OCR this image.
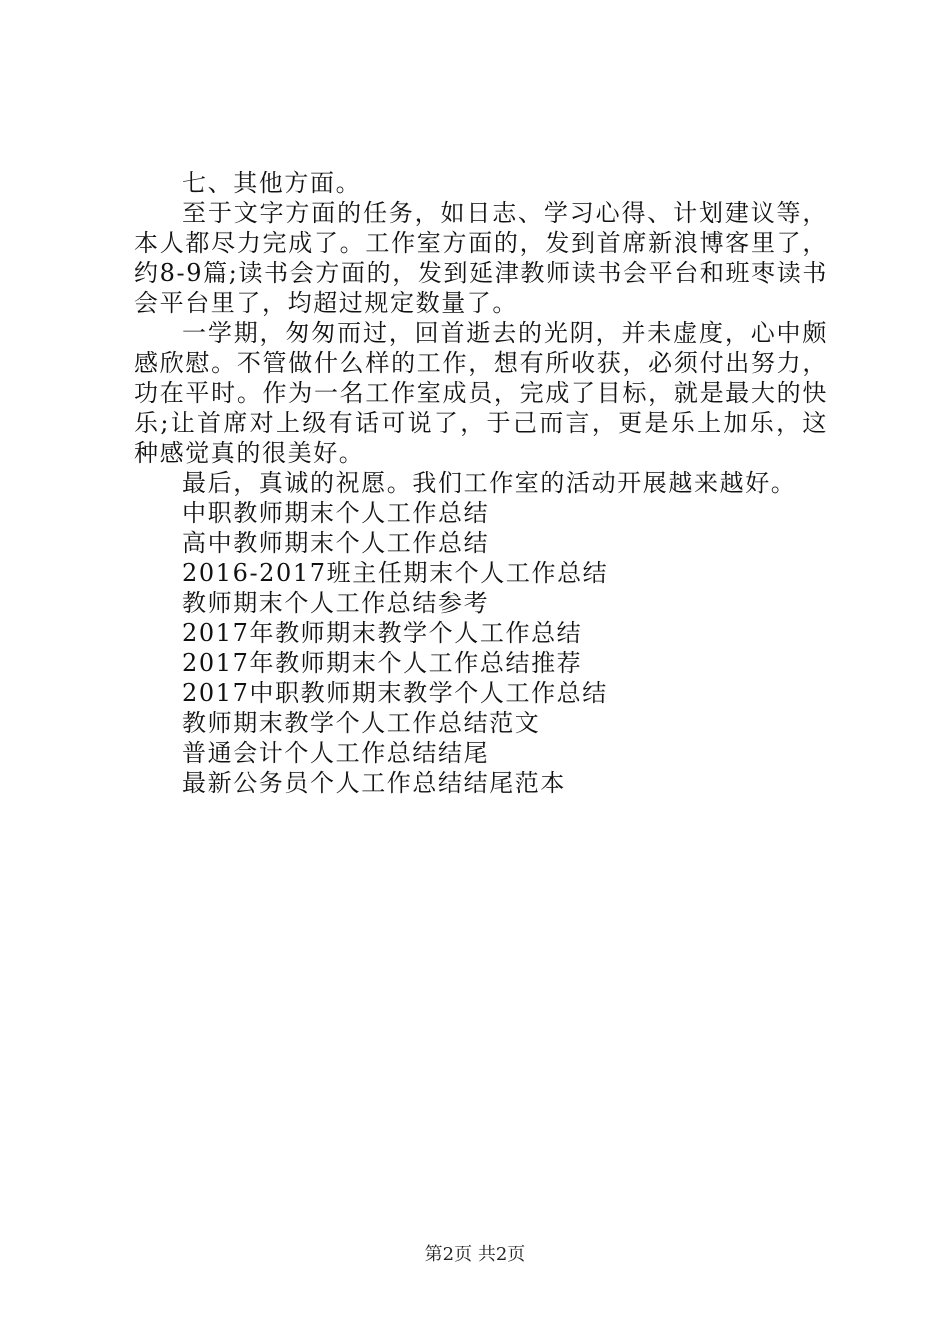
七、其他方面。

至于文字方面的任务，如日志、学习心得、计划建议等，本人都尽力完成了。工作室方面的，发到首席新浪博客里了，约8-9篇;读书会方面的，发到延津教师读书会平台和班枣读书会平台里了，均超过规定数量了。

一学期，匆匆而过，回首逝去的光阴，并未虚度，心中颇感欣慰。不管做什么样的工作，想有所收获，必须付出努力，功在平时。作为一名工作室成员，完成了目标，就是最大的快乐;让首席对上级有话可说了，于己而言，更是乐上加乐，这种感觉真的很美好。

最后，真诚的祝愿。我们工作室的活动开展越来越好。

中职教师期末个人工作总结
高中教师期末个人工作总结
2016-2017班主任期末个人工作总结
教师期末个人工作总结参考
2017年教师期末教学个人工作总结
2017年教师期末个人工作总结推荐
2017中职教师期末教学个人工作总结
教师期末教学个人工作总结范文
普通会计个人工作总结结尾
最新公务员个人工作总结结尾范本
第2页 共2页
